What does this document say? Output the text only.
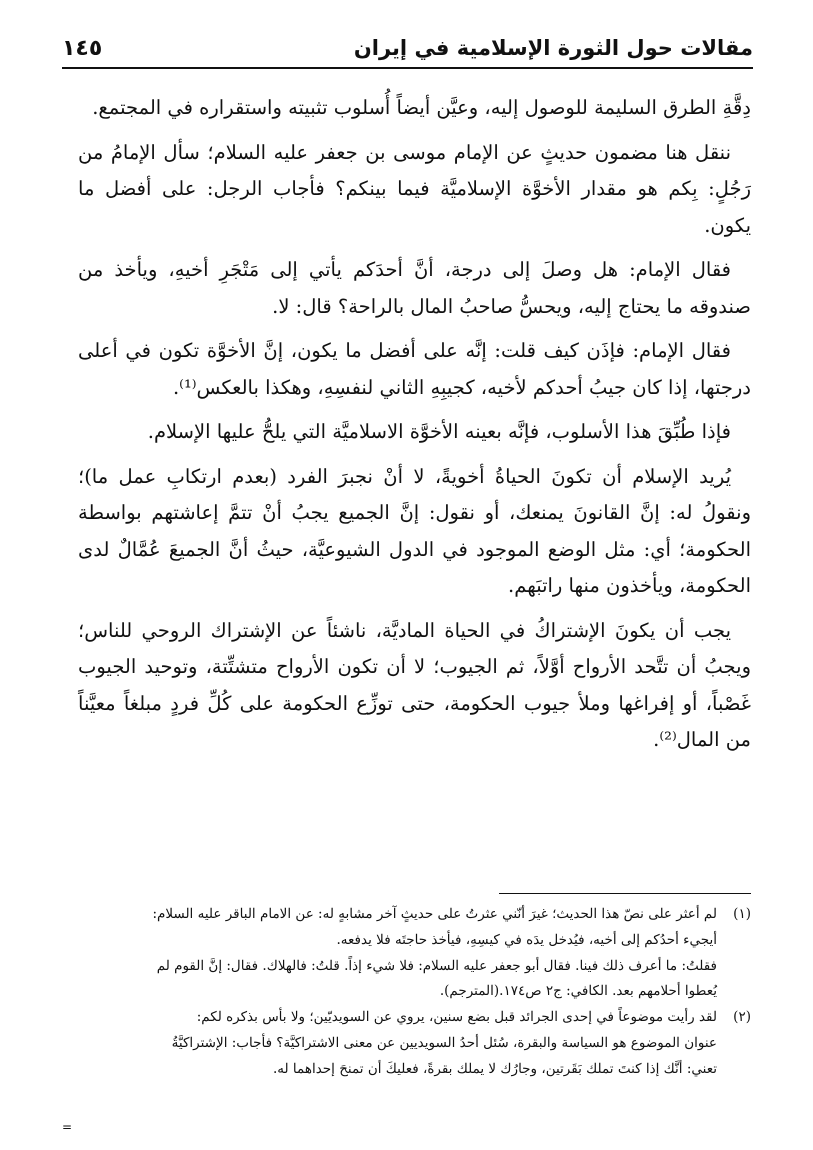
مقالات حول الثورة الإسلامية في إيران
١٤٥

دِقَّةِ الطرق السليمة للوصول إليه، وعيَّن أيضاً أُسلوب تثبيته واستقراره في المجتمع.

ننقل هنا مضمون حديثٍ عن الإمام موسى بن جعفر عليه السلام؛ سأل الإمامُ من رَجُلٍ: بِكم هو مقدار الأخوَّة الإسلاميَّة فيما بينكم؟ فأجاب الرجل: على أفضل ما يكون.

فقال الإمام: هل وصلَ إلى درجة، أنَّ أحدَكم يأتي إلى مَتْجَرِ أخيهِ، ويأخذ من صندوقه ما يحتاج إليه، ويحسُّ صاحبُ المال بالراحة؟ قال: لا.

فقال الإمام: فإذَن كيف قلت: إنَّه على أفضل ما يكون، إنَّ الأخوَّة تكون في أعلى درجتها، إذا كان جيبُ أحدكم لأخيه، كجيبِهِ الثاني لنفسِهِ، وهكذا بالعكس⁽¹⁾.

فإذا طُبِّقَ هذا الأسلوب، فإنَّه بعينه الأخوَّة الاسلاميَّة التي يلحُّ عليها الإسلام.

يُريد الإسلام أن تكونَ الحياةُ أخويةً، لا أنْ نجبرَ الفرد (بعدم ارتكابِ عمل ما)؛ ونقولُ له: إنَّ القانونَ يمنعك، أو نقول: إنَّ الجميع يجبُ أنْ تتمَّ إعاشتهم بواسطة الحكومة؛ أي: مثل الوضع الموجود في الدول الشيوعيَّة، حيثُ أنَّ الجميعَ عُمَّالٌ لدى الحكومة، ويأخذون منها راتبَهم.

يجب أن يكونَ الإشتراكُ في الحياة الماديَّة، ناشئاً عن الإشتراك الروحي للناس؛ ويجبُ أن تتَّحد الأرواح أوَّلاً، ثم الجيوب؛ لا أن تكون الأرواح متشتِّتة، وتوحيد الجيوب غَصْباً، أو إفراغها وملأ جيوب الحكومة، حتى توزِّع الحكومة على كُلِّ فردٍ مبلغاً معيَّناً من المال⁽²⁾.

(١)
لم أعثر على نصّ هذا الحديث؛ غيرَ أنّني عثرتُ على حديثٍ آخر مشابهٍ له: عن الامام الباقر عليه السلام:
أيجيء أحدُكم إلى أخيه، فيُدخل يدَه في كيسِهِ، فيأخذ حاجتَه فلا يدفعه.
فقلتُ: ما أعرف ذلك فينا. فقال أبو جعفر عليه السلام: فلا شيء إذاً. قلتُ: فالهلاك. فقال: إنَّ القوم لم
يُعطوا أحلامهم بعد. الكافي: ج٢ ص١٧٤.(المترجم).
(٢)
لقد رأيت موضوعاً في إحدى الجرائد قبل بضع سنين، يروي عن السويديّين؛ ولا بأس بذكره لكم:
عنوان الموضوع هو السياسة والبقرة، سُئل أحدُ السويديين عن معنى الاشتراكيَّة؟ فأجاب: الإشتراكيَّةُ
تعني: أنَّك إذا كنتَ تملك بَقَرتين، وجارُك لا يملك بقرةً، فعليكَ أن تمنحَ إحداهما له.
=
